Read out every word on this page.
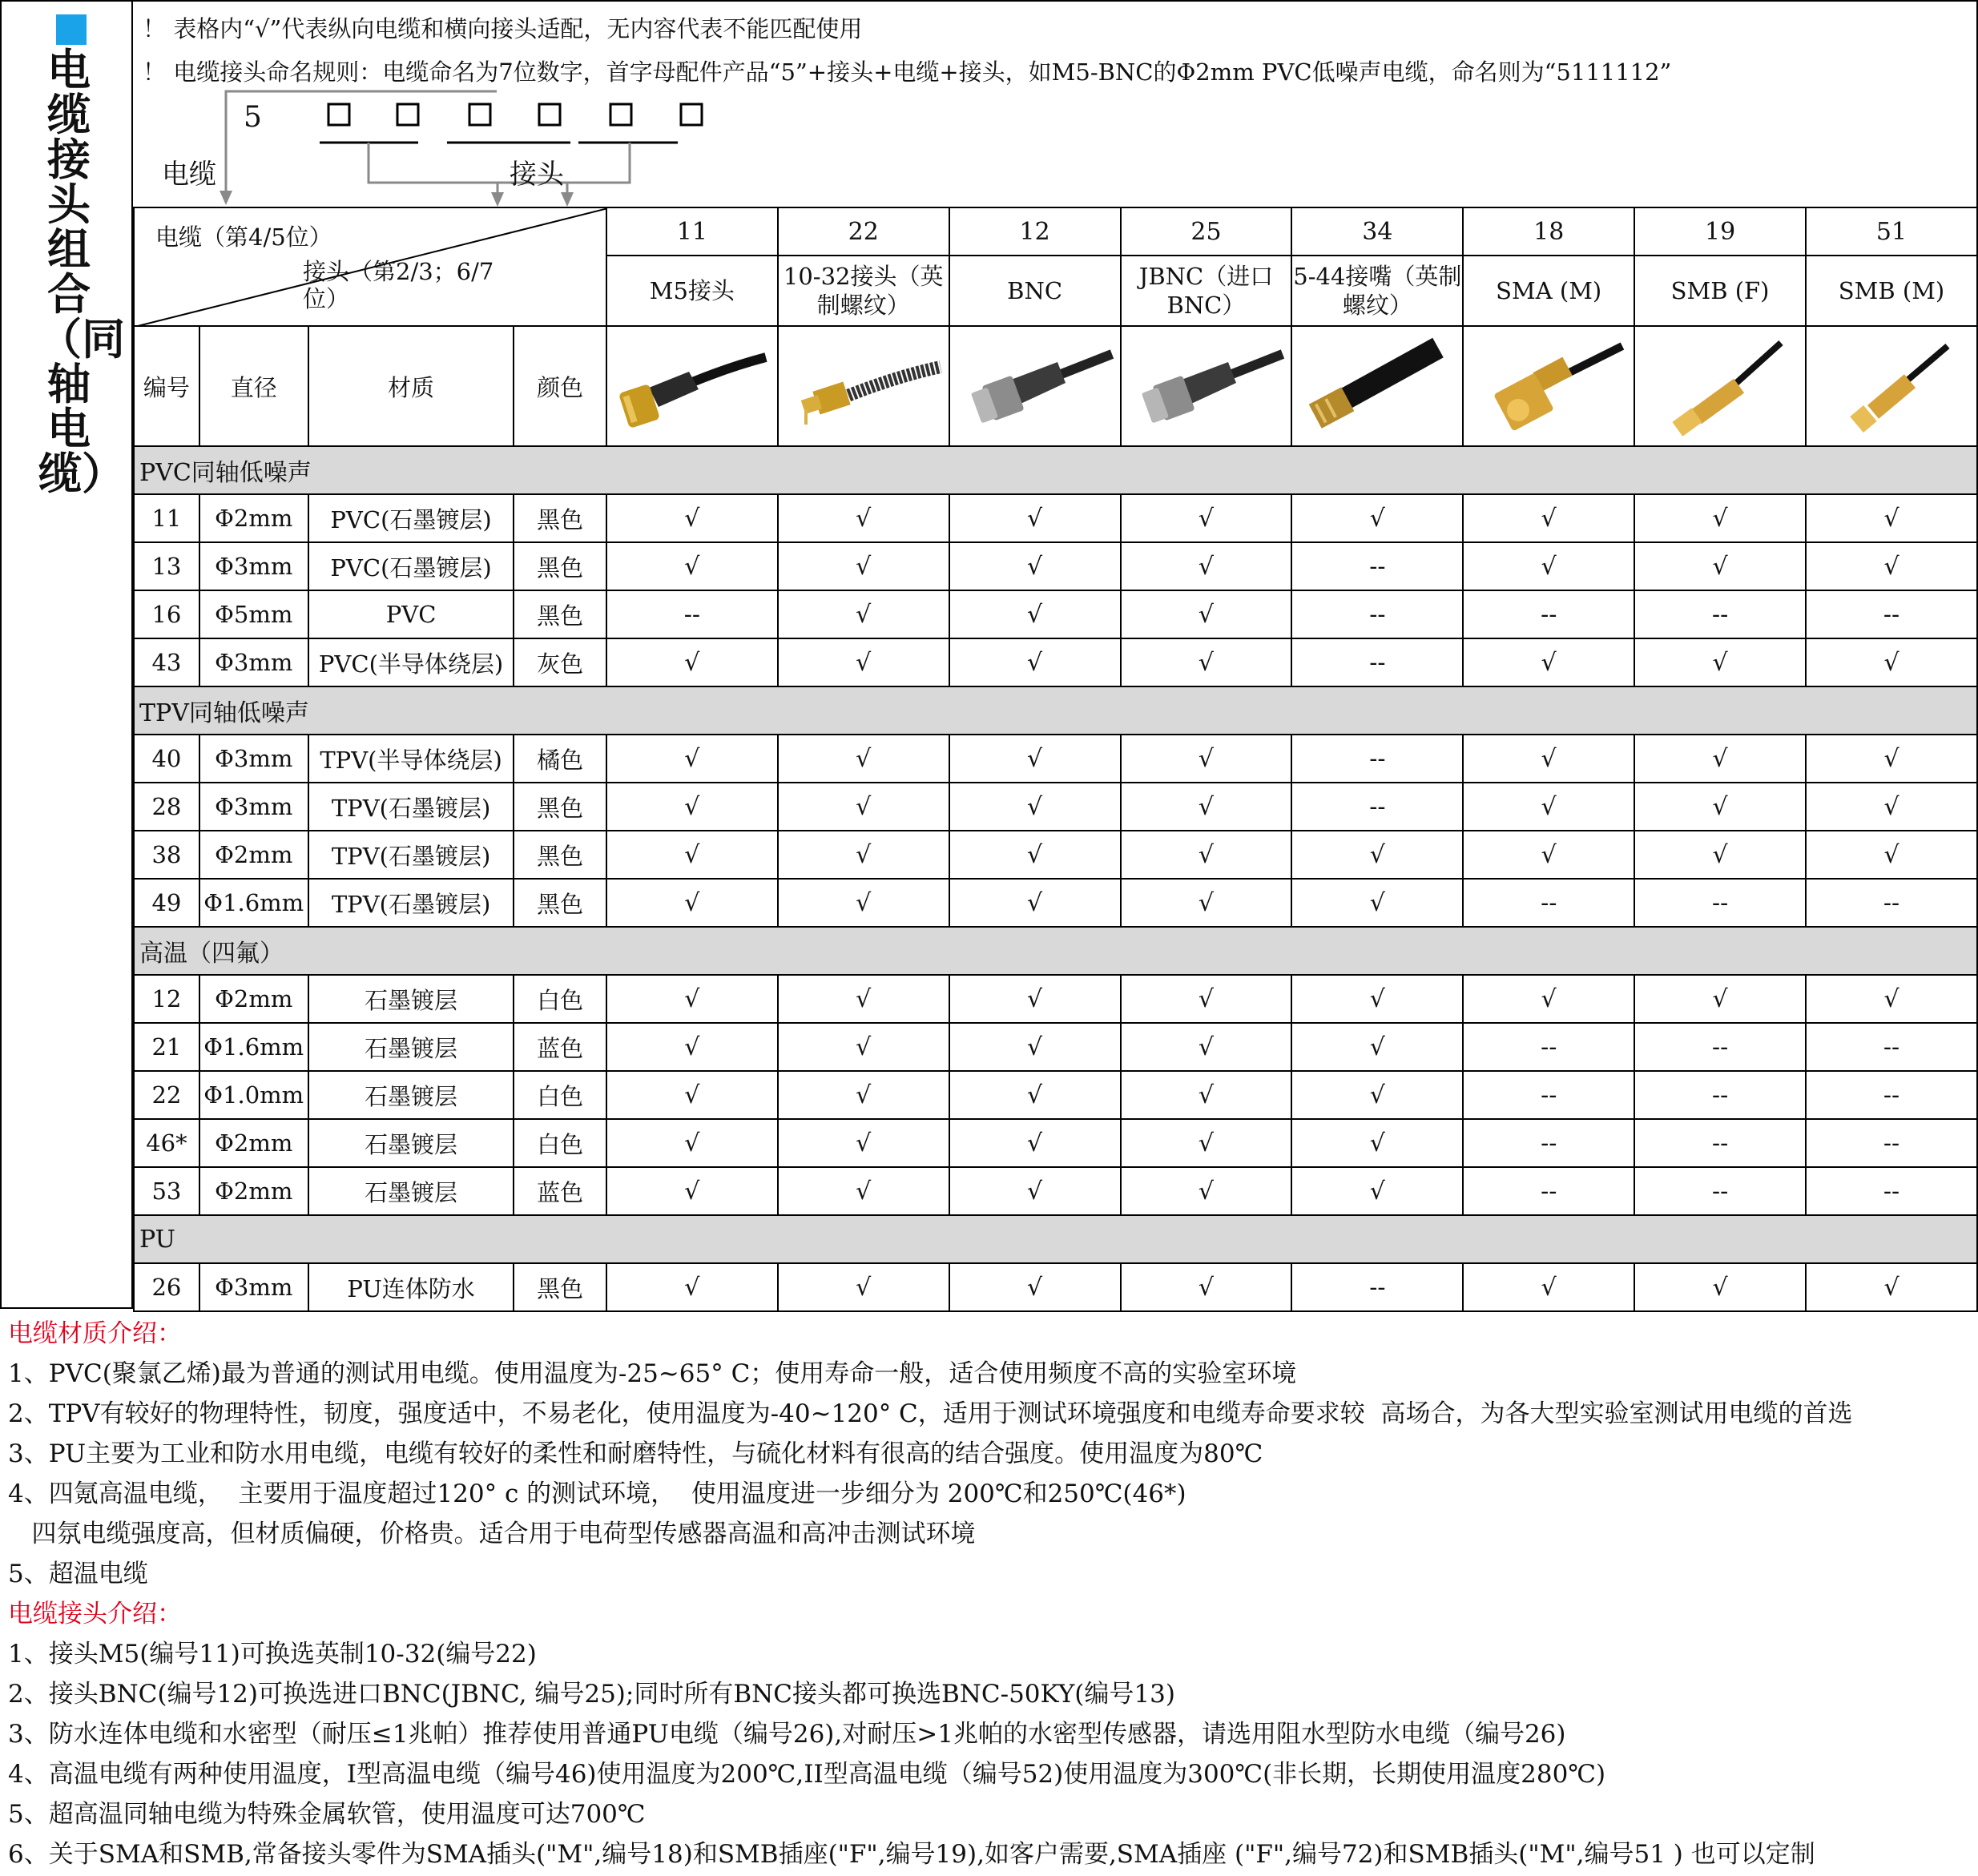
电缆接头组合（同轴电缆）
！ 表格内“√”代表纵向电缆和横向接头适配，无内容代表不能匹配使用
！ 电缆接头命名规则：电缆命名为7位数字，首字母配件产品“5”+接头+电缆+接头，如M5-BNC的Φ2mm PVC低噪声电缆，命名则为“5111112”
5
电缆	接头
电缆（第4/5位）
接头（第2/3；6/7位）				11	22	12	25	34	18	19	51
				M5接头	10-32接头（英制螺纹）	BNC	JBNC（进口BNC）	5-44接嘴（英制螺纹）	SMA (M)	SMB (F)	SMB (M)
编号	直径	材质	颜色	

PVC同轴低噪声											
11	Φ2mm	PVC(石墨镀层)	黑色	√	√	√	√	√	√	√	√
13	Φ3mm	PVC(石墨镀层)	黑色	√	√	√	√	--	√	√	√
16	Φ5mm	PVC	黑色	--	√	√	√	--	--	--	--
43	Φ3mm	PVC(半导体绕层)	灰色	√	√	√	√	--	√	√	√
TPV同轴低噪声											
40	Φ3mm	TPV(半导体绕层)	橘色	√	√	√	√	--	√	√	√
28	Φ3mm	TPV(石墨镀层)	黑色	√	√	√	√	--	√	√	√
38	Φ2mm	TPV(石墨镀层)	黑色	√	√	√	√	√	√	√	√
49	Φ1.6mm	TPV(石墨镀层)	黑色	√	√	√	√	√	--	--	--
高温（四氟）											
12	Φ2mm	石墨镀层	白色	√	√	√	√	√	√	√	√
21	Φ1.6mm	石墨镀层	蓝色	√	√	√	√	√	--	--	--
22	Φ1.0mm	石墨镀层	白色	√	√	√	√	√	--	--	--
46*	Φ2mm	石墨镀层	白色	√	√	√	√	√	--	--	--
53	Φ2mm	石墨镀层	蓝色	√	√	√	√	√	--	--	--
PU											
26	Φ3mm	PU连体防水	黑色	√	√	√	√	--	√	√	√
电缆材质介绍：
1、PVC(聚氯乙烯)最为普通的测试用电缆。使用温度为-25~65° C；使用寿命一般，适合使用频度不高的实验室环境
2、TPV有较好的物理特性，韧度，强度适中，不易老化，使用温度为-40~120° C，适用于测试环境强度和电缆寿命要求较  高场合，为各大型实验室测试用电缆的首选
3、PU主要为工业和防水用电缆，电缆有较好的柔性和耐磨特性，与硫化材料有很高的结合强度。使用温度为80℃
4、四氪高温电缆，  主要用于温度超过120° c 的测试环境，  使用温度进一步细分为 200℃和250℃(46*)
四氛电缆强度高，但材质偏硬，价格贵。适合用于电荷型传感器高温和高冲击测试环境
5、超温电缆
电缆接头介绍：
1、接头M5(编号11)可换选英制10-32(编号22)
2、接头BNC(编号12)可换选进口BNC(JBNC, 编号25);同时所有BNC接头都可换选BNC-50KY(编号13)
3、防水连体电缆和水密型（耐压≤1兆帕）推荐使用普通PU电缆（编号26),对耐压>1兆帕的水密型传感器，请选用阻水型防水电缆（编号26)
4、高温电缆有两种使用温度，I型高温电缆（编号46)使用温度为200℃,II型高温电缆（编号52)使用温度为300℃(非长期，长期使用温度280℃)
5、超高温同轴电缆为特殊金属软管，使用温度可达700℃
6、关于SMA和SMB,常备接头零件为SMA插头("M",编号18)和SMB插座("F",编号19),如客户需要,SMA插座 ("F",编号72)和SMB插头("M",编号51 ) 也可以定制
